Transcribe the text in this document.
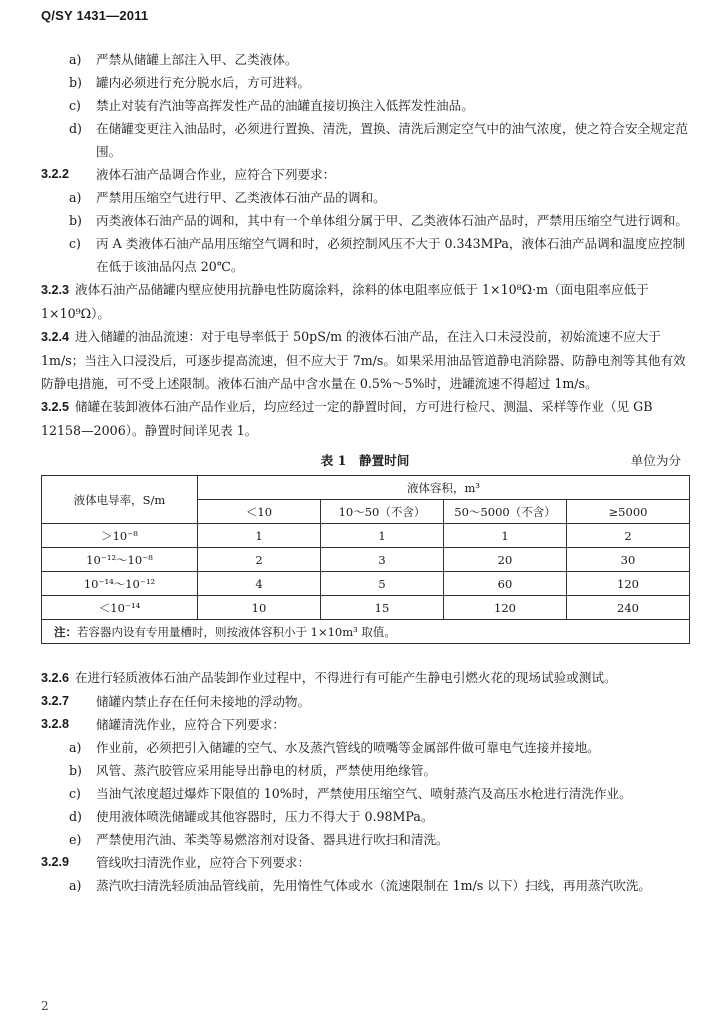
Q/SY 1431—2011
a) 严禁从储罐上部注入甲、乙类液体。
b) 罐内必须进行充分脱水后，方可进料。
c) 禁止对装有汽油等高挥发性产品的油罐直接切换注入低挥发性油品。
d) 在储罐变更注入油品时，必须进行置换、清洗，置换、清洗后测定空气中的油气浓度，使之符合安全规定范围。
3.2.2 液体石油产品调合作业，应符合下列要求：
a) 严禁用压缩空气进行甲、乙类液体石油产品的调和。
b) 丙类液体石油产品的调和，其中有一个单体组分属于甲、乙类液体石油产品时，严禁用压缩空气进行调和。
c) 丙 A 类液体石油产品用压缩空气调和时，必须控制风压不大于 0.343MPa，液体石油产品调和温度应控制在低于该油品闪点 20℃。
3.2.3 液体石油产品储罐内壁应使用抗静电性防腐涂料，涂料的体电阻率应低于 1×10⁸Ω·m（面电阻率应低于 1×10⁹Ω）。
3.2.4 进入储罐的油品流速：对于电导率低于 50pS/m 的液体石油产品，在注入口未浸没前，初始流速不应大于 1m/s；当注入口浸没后，可逐步提高流速，但不应大于 7m/s。如果采用油品管道静电消除器、防静电剂等其他有效防静电措施，可不受上述限制。液体石油产品中含水量在 0.5%～5%时，进罐流速不得超过 1m/s。
3.2.5 储罐在装卸液体石油产品作业后，均应经过一定的静置时间，方可进行检尺、测温、采样等作业（见 GB 12158—2006）。静置时间详见表 1。
表 1　静置时间	单位为分
液体电导率，S/m	液体容积，m³			
	＜10	10～50（不含）	50～5000（不含）	≥5000
＞10⁻⁸	1	1	1	2
10⁻¹²～10⁻⁸	2	3	20	30
10⁻¹⁴～10⁻¹²	4	5	60	120
＜10⁻¹⁴	10	15	120	240
注：若容器内设有专用量槽时，则按液体容积小于 1×10m³ 取值。				
3.2.6 在进行轻质液体石油产品装卸作业过程中，不得进行有可能产生静电引燃火花的现场试验或测试。
3.2.7 储罐内禁止存在任何未接地的浮动物。
3.2.8 储罐清洗作业，应符合下列要求：
a) 作业前，必须把引入储罐的空气、水及蒸汽管线的喷嘴等金属部件做可靠电气连接并接地。
b) 风管、蒸汽胶管应采用能导出静电的材质，严禁使用绝缘管。
c) 当油气浓度超过爆炸下限值的 10%时，严禁使用压缩空气、喷射蒸汽及高压水枪进行清洗作业。
d) 使用液体喷洗储罐或其他容器时，压力不得大于 0.98MPa。
e) 严禁使用汽油、苯类等易燃溶剂对设备、器具进行吹扫和清洗。
3.2.9 管线吹扫清洗作业，应符合下列要求：
a) 蒸汽吹扫清洗轻质油品管线前，先用惰性气体或水（流速限制在 1m/s 以下）扫线，再用蒸汽吹洗。
2
